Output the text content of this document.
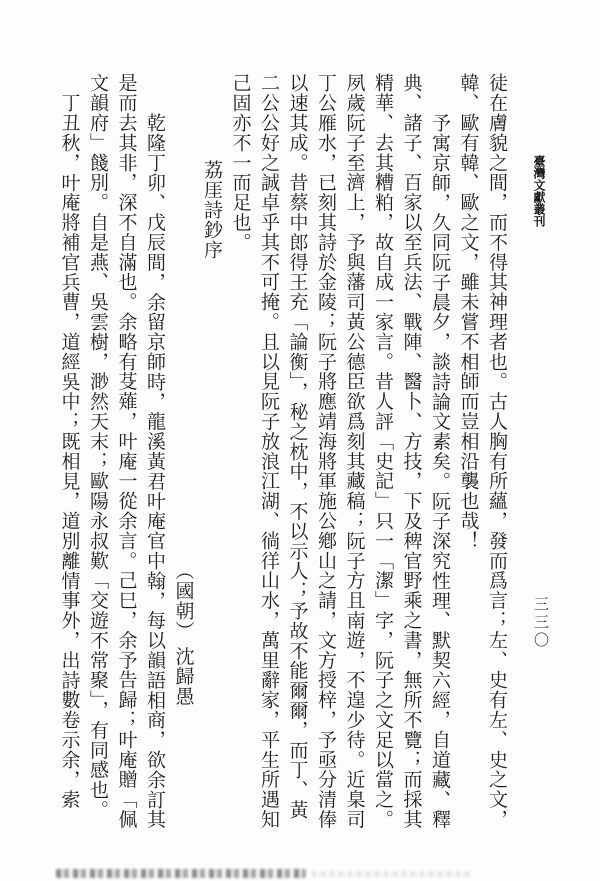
臺灣文獻叢刊
三三〇
徒在膚貌之間，而不得其神理者也。古人胸有所蘊，發而爲言；左、史有左、史之文，
韓、歐有韓、歐之文，雖未嘗不相師而豈相沿襲也哉！
予寓京師，久同阮子晨夕，談詩論文素矣。阮子深究性理、默契六經，自道藏、釋
典、諸子、百家以至兵法、戰陣、醫卜、方技，下及稗官野乘之書，無所不覽；而採其
精華、去其糟粕，故自成一家言。昔人評「史記」只一「潔」字，阮子之文足以當之。
夙歲阮子至濟上，予與藩司黃公德臣欲爲刻其藏稿；阮子方且南遊，不遑少待。近臬司
丁公雁水，已刻其詩於金陵；阮子將應靖海將軍施公鄕山之請，文方授梓，予亟分清俸
以速其成。昔蔡中郎得王充「論衡」，秘之枕中，不以示人；予故不能爾爾，而丁、黃
二公公好之誠卓乎其不可掩。且以見阮子放浪江湖、徜徉山水，萬里辭家，平生所遇知
己固亦不一而足也。
荔厓詩鈔序
（國朝） 沈歸愚
乾隆丁卯、戊辰間，余留京師時，龍溪黃君叶庵官中翰，每以韻語相商，欲余訂其
是而去其非，深不自滿也。余略有芟薙，叶庵一從余言。己巳，余予告歸；叶庵贈「佩
文韻府」餞別。自是燕、吳雲樹，渺然天末；歐陽永叔歎「交遊不常聚」，有同感也。
丁丑秋，叶庵將補官兵曹，道經吳中；既相見，道別離情事外，出詩數卷示余，索
